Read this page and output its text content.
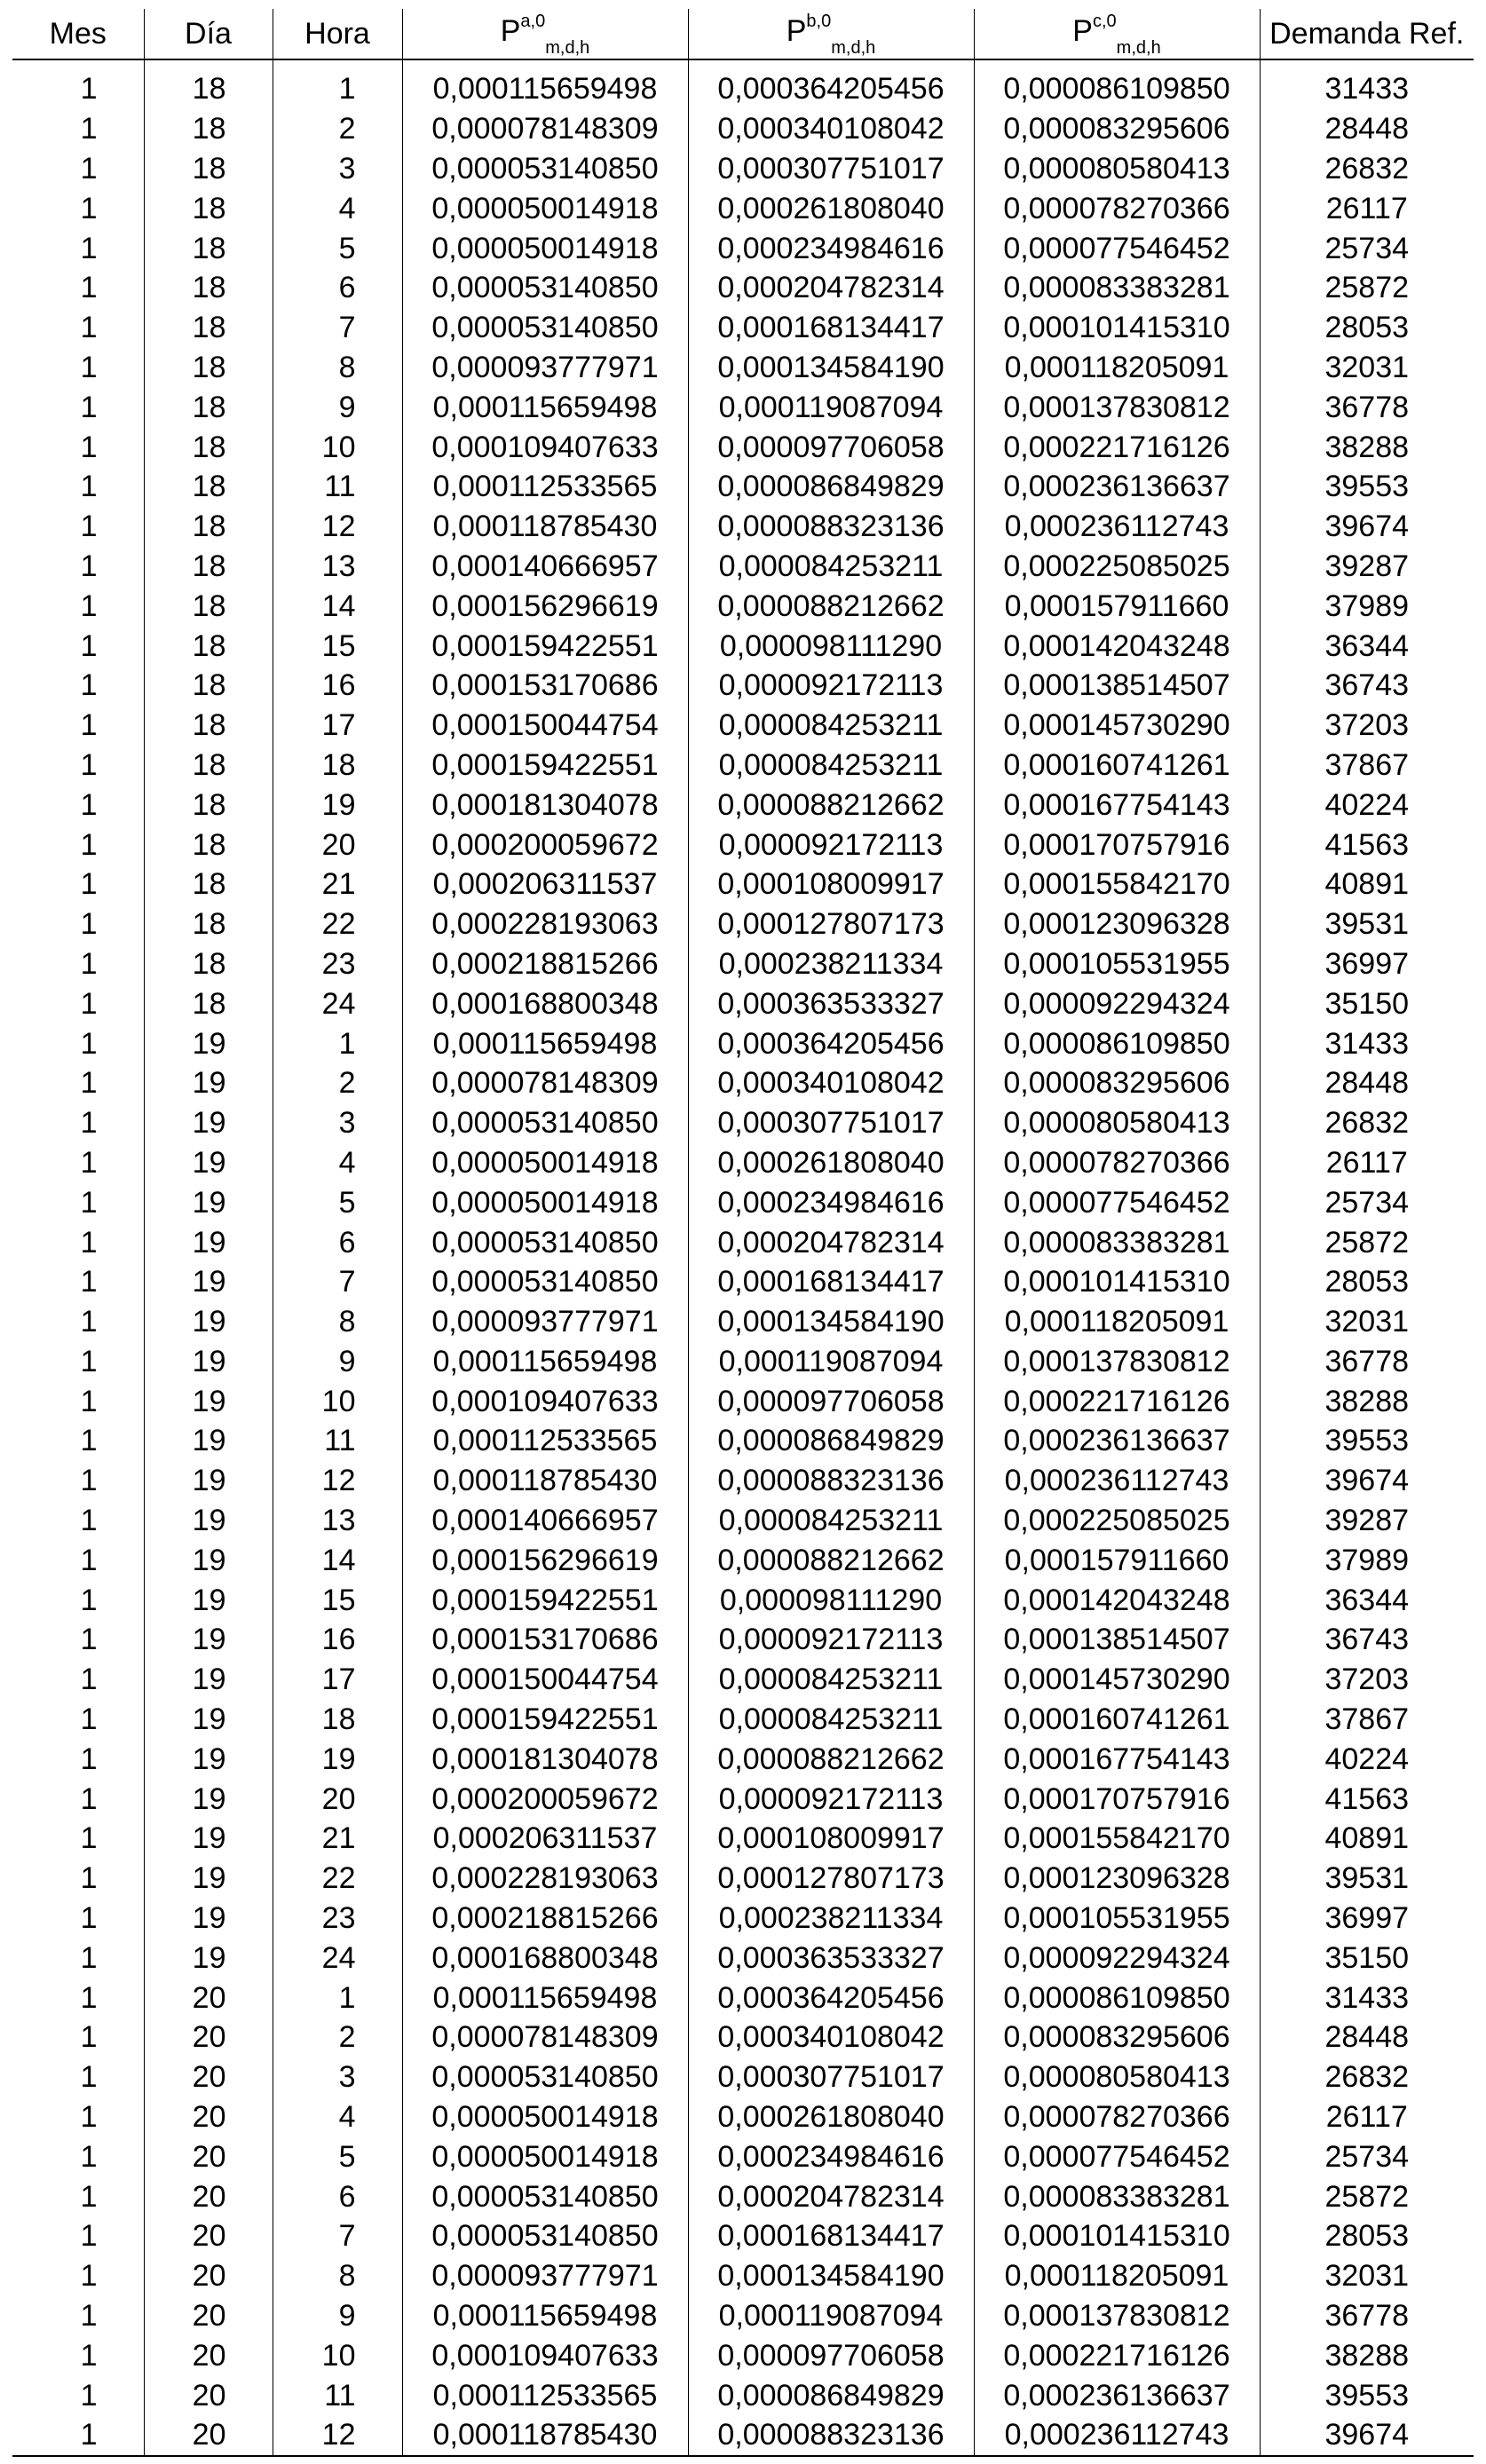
Mes	Día	Hora	P$^{a,0}_{m,d,h}$	P$^{b,0}_{m,d,h}$	P$^{c,0}_{m,d,h}$	Demanda Ref.
1	18	1	0,000115659498	0,000364205456	0,000086109850	31433
1	18	2	0,000078148309	0,000340108042	0,000083295606	28448
1	18	3	0,000053140850	0,000307751017	0,000080580413	26832
1	18	4	0,000050014918	0,000261808040	0,000078270366	26117
1	18	5	0,000050014918	0,000234984616	0,000077546452	25734
1	18	6	0,000053140850	0,000204782314	0,000083383281	25872
1	18	7	0,000053140850	0,000168134417	0,000101415310	28053
1	18	8	0,000093777971	0,000134584190	0,000118205091	32031
1	18	9	0,000115659498	0,000119087094	0,000137830812	36778
1	18	10	0,000109407633	0,000097706058	0,000221716126	38288
1	18	11	0,000112533565	0,000086849829	0,000236136637	39553
1	18	12	0,000118785430	0,000088323136	0,000236112743	39674
1	18	13	0,000140666957	0,000084253211	0,000225085025	39287
1	18	14	0,000156296619	0,000088212662	0,000157911660	37989
1	18	15	0,000159422551	0,000098111290	0,000142043248	36344
1	18	16	0,000153170686	0,000092172113	0,000138514507	36743
1	18	17	0,000150044754	0,000084253211	0,000145730290	37203
1	18	18	0,000159422551	0,000084253211	0,000160741261	37867
1	18	19	0,000181304078	0,000088212662	0,000167754143	40224
1	18	20	0,000200059672	0,000092172113	0,000170757916	41563
1	18	21	0,000206311537	0,000108009917	0,000155842170	40891
1	18	22	0,000228193063	0,000127807173	0,000123096328	39531
1	18	23	0,000218815266	0,000238211334	0,000105531955	36997
1	18	24	0,000168800348	0,000363533327	0,000092294324	35150
1	19	1	0,000115659498	0,000364205456	0,000086109850	31433
1	19	2	0,000078148309	0,000340108042	0,000083295606	28448
1	19	3	0,000053140850	0,000307751017	0,000080580413	26832
1	19	4	0,000050014918	0,000261808040	0,000078270366	26117
1	19	5	0,000050014918	0,000234984616	0,000077546452	25734
1	19	6	0,000053140850	0,000204782314	0,000083383281	25872
1	19	7	0,000053140850	0,000168134417	0,000101415310	28053
1	19	8	0,000093777971	0,000134584190	0,000118205091	32031
1	19	9	0,000115659498	0,000119087094	0,000137830812	36778
1	19	10	0,000109407633	0,000097706058	0,000221716126	38288
1	19	11	0,000112533565	0,000086849829	0,000236136637	39553
1	19	12	0,000118785430	0,000088323136	0,000236112743	39674
1	19	13	0,000140666957	0,000084253211	0,000225085025	39287
1	19	14	0,000156296619	0,000088212662	0,000157911660	37989
1	19	15	0,000159422551	0,000098111290	0,000142043248	36344
1	19	16	0,000153170686	0,000092172113	0,000138514507	36743
1	19	17	0,000150044754	0,000084253211	0,000145730290	37203
1	19	18	0,000159422551	0,000084253211	0,000160741261	37867
1	19	19	0,000181304078	0,000088212662	0,000167754143	40224
1	19	20	0,000200059672	0,000092172113	0,000170757916	41563
1	19	21	0,000206311537	0,000108009917	0,000155842170	40891
1	19	22	0,000228193063	0,000127807173	0,000123096328	39531
1	19	23	0,000218815266	0,000238211334	0,000105531955	36997
1	19	24	0,000168800348	0,000363533327	0,000092294324	35150
1	20	1	0,000115659498	0,000364205456	0,000086109850	31433
1	20	2	0,000078148309	0,000340108042	0,000083295606	28448
1	20	3	0,000053140850	0,000307751017	0,000080580413	26832
1	20	4	0,000050014918	0,000261808040	0,000078270366	26117
1	20	5	0,000050014918	0,000234984616	0,000077546452	25734
1	20	6	0,000053140850	0,000204782314	0,000083383281	25872
1	20	7	0,000053140850	0,000168134417	0,000101415310	28053
1	20	8	0,000093777971	0,000134584190	0,000118205091	32031
1	20	9	0,000115659498	0,000119087094	0,000137830812	36778
1	20	10	0,000109407633	0,000097706058	0,000221716126	38288
1	20	11	0,000112533565	0,000086849829	0,000236136637	39553
1	20	12	0,000118785430	0,000088323136	0,000236112743	39674
